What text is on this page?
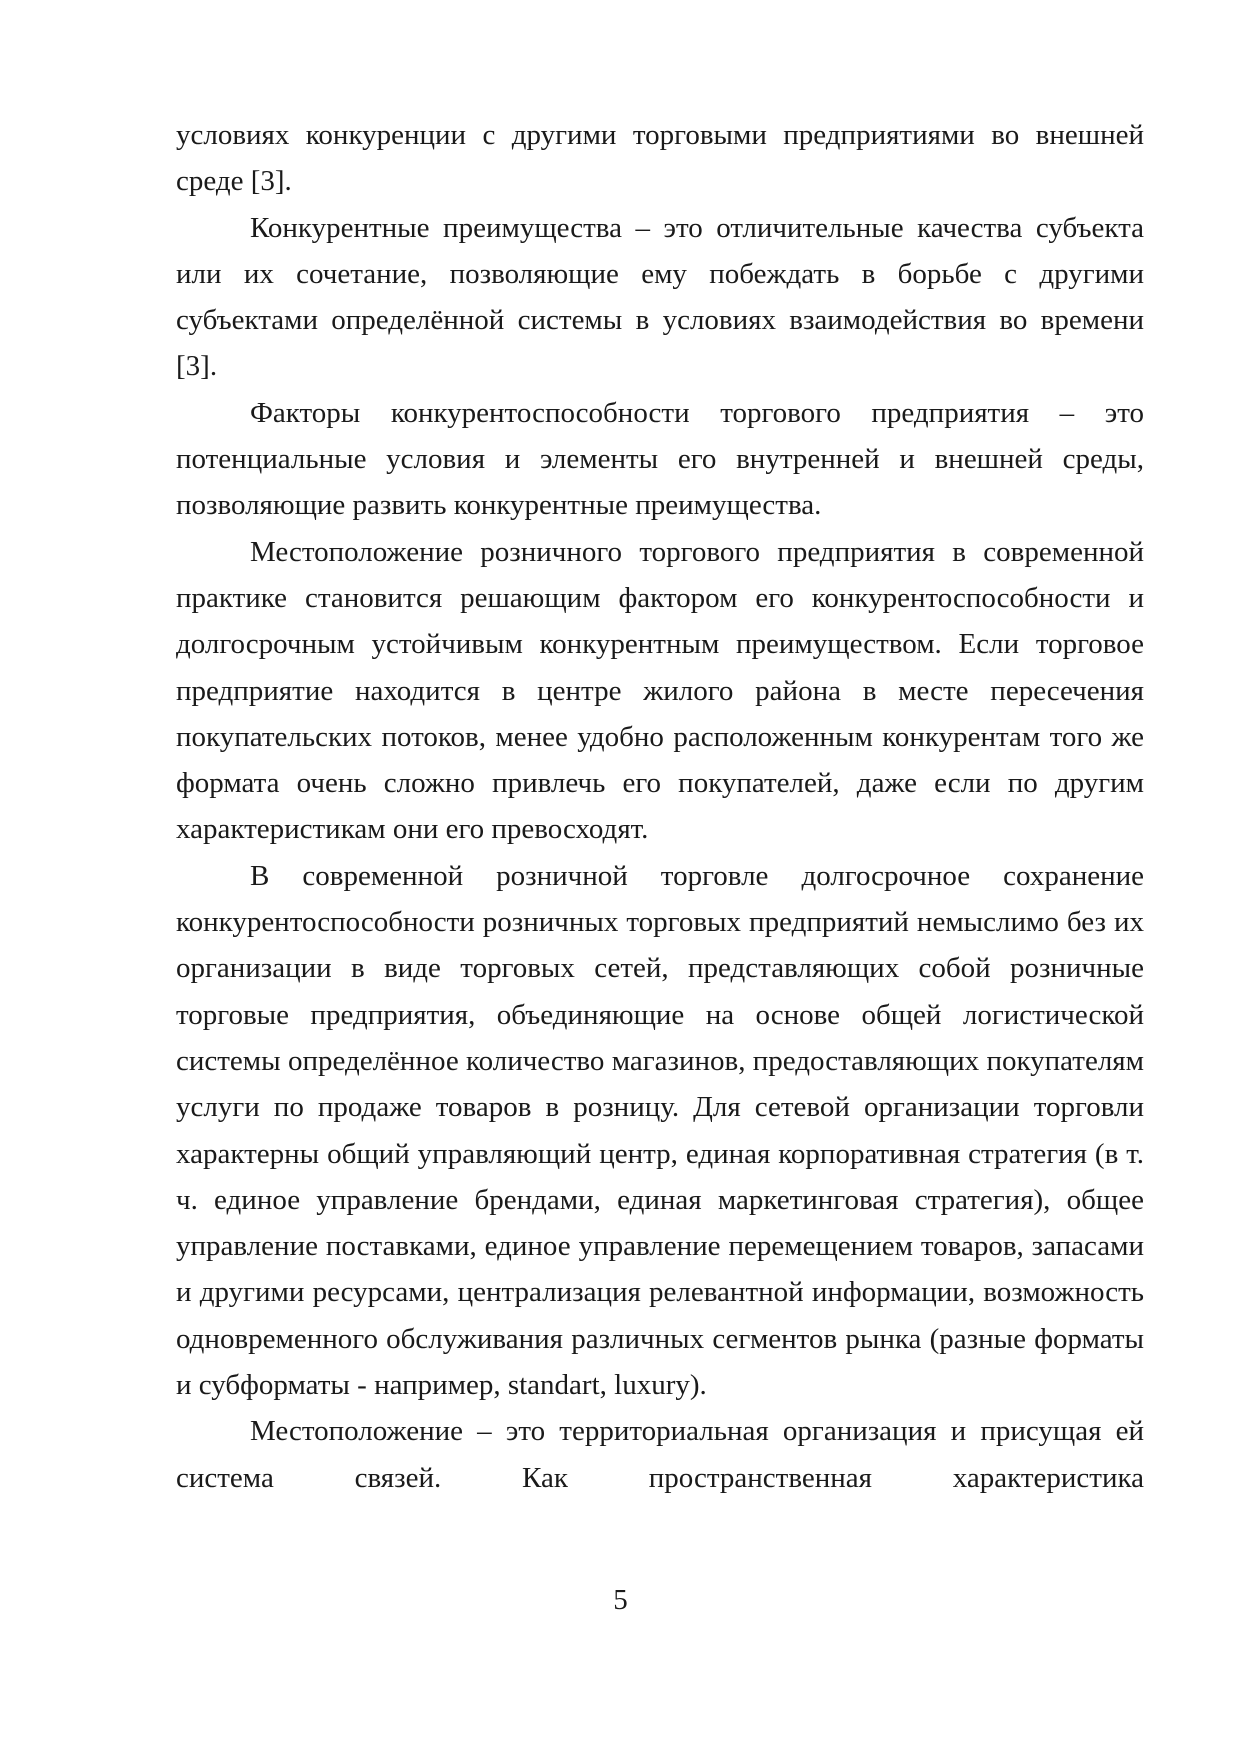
условиях конкуренции с другими торговыми предприятиями во внешней среде [3].

Конкурентные преимущества – это отличительные качества субъекта или их сочетание, позволяющие ему побеждать в борьбе с другими субъектами определённой системы в условиях взаимодействия во времени [3].

Факторы конкурентоспособности торгового предприятия – это потенциальные условия и элементы его внутренней и внешней среды, позволяющие развить конкурентные преимущества.

Местоположение розничного торгового предприятия в современной практике становится решающим фактором его конкурентоспособности и долгосрочным устойчивым конкурентным преимуществом. Если торговое предприятие находится в центре жилого района в месте пересечения покупательских потоков, менее удобно расположенным конкурентам того же формата очень сложно привлечь его покупателей, даже если по другим характеристикам они его превосходят.

В современной розничной торговле долгосрочное сохранение конкурентоспособности розничных торговых предприятий немыслимо без их организации в виде торговых сетей, представляющих собой розничные торговые предприятия, объединяющие на основе общей логистической системы определённое количество магазинов, предоставляющих покупателям услуги по продаже товаров в розницу. Для сетевой организации торговли характерны общий управляющий центр, единая корпоративная стратегия (в т. ч. единое управление брендами, единая маркетинговая стратегия), общее управление поставками, единое управление перемещением товаров, запасами и другими ресурсами, централизация релевантной информации, возможность одновременного обслуживания различных сегментов рынка (разные форматы и субформаты - например, standart, luxury).

Местоположение – это территориальная организация и присущая ей система связей. Как пространственная характеристика

5
